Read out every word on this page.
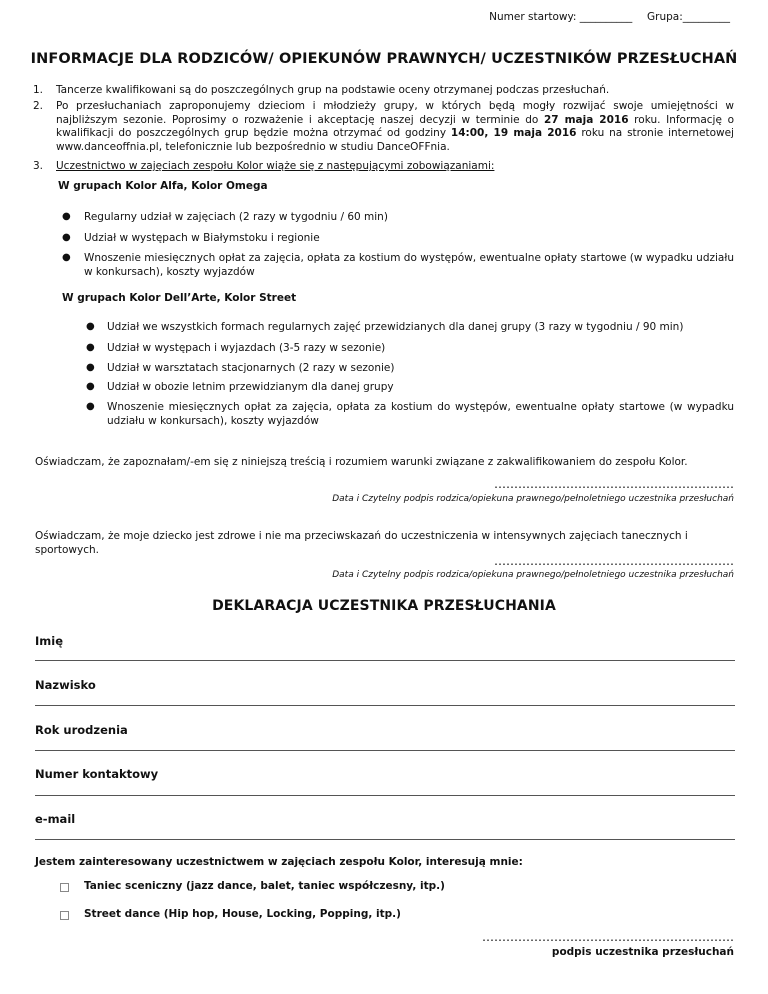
Numer startowy: __________ Grupa:_________
INFORMACJE DLA RODZICÓW/ OPIEKUNÓW PRAWNYCH/ UCZESTNIKÓW PRZESŁUCHAŃ
1. Tancerze kwalifikowani są do poszczególnych grup na podstawie oceny otrzymanej podczas przesłuchań.
2. Po przesłuchaniach zaproponujemy dzieciom i młodzieży grupy, w których będą mogły rozwijać swoje umiejętności w najbliższym sezonie. Poprosimy o rozważenie i akceptację naszej decyzji w terminie do 27 maja 2016 roku. Informację o kwalifikacji do poszczególnych grup będzie można otrzymać od godziny 14:00, 19 maja 2016 roku na stronie internetowej www.danceoffnia.pl, telefonicznie lub bezpośrednio w studiu DanceOFFnia.
3. Uczestnictwo w zajęciach zespołu Kolor wiąże się z następującymi zobowiązaniami:
W grupach Kolor Alfa, Kolor Omega
● Regularny udział w zajęciach (2 razy w tygodniu / 60 min)
● Udział w występach w Białymstoku i regionie
● Wnoszenie miesięcznych opłat za zajęcia, opłata za kostium do występów, ewentualne opłaty startowe (w wypadku udziału w konkursach), koszty wyjazdów
W grupach Kolor Dell’Arte, Kolor Street
● Udział we wszystkich formach regularnych zajęć przewidzianych dla danej grupy (3 razy w tygodniu / 90 min)
● Udział w występach i wyjazdach (3-5 razy w sezonie)
● Udział w warsztatach stacjonarnych (2 razy w sezonie)
● Udział w obozie letnim przewidzianym dla danej grupy
● Wnoszenie miesięcznych opłat za zajęcia, opłata za kostium do występów, ewentualne opłaty startowe (w wypadku udziału w konkursach), koszty wyjazdów
Oświadczam, że zapoznałam/-em się z niniejszą treścią i rozumiem warunki związane z zakwalifikowaniem do zespołu Kolor.
……………………………………………………
Data i Czytelny podpis rodzica/opiekuna prawnego/pełnoletniego uczestnika przesłuchań
Oświadczam, że moje dziecko jest zdrowe i nie ma przeciwskazań do uczestniczenia w intensywnych zajęciach tanecznych i sportowych.
……………………………………………………
Data i Czytelny podpis rodzica/opiekuna prawnego/pełnoletniego uczestnika przesłuchań
DEKLARACJA UCZESTNIKA PRZESŁUCHANIA
Imię
Nazwisko
Rok urodzenia
Numer kontaktowy
e-mail
Jestem zainteresowany uczestnictwem w zajęciach zespołu Kolor, interesują mnie:
Taniec sceniczny (jazz dance, balet, taniec współczesny, itp.)
Street dance (Hip hop, House, Locking, Popping, itp.)
………………………………………………………
podpis uczestnika przesłuchań
